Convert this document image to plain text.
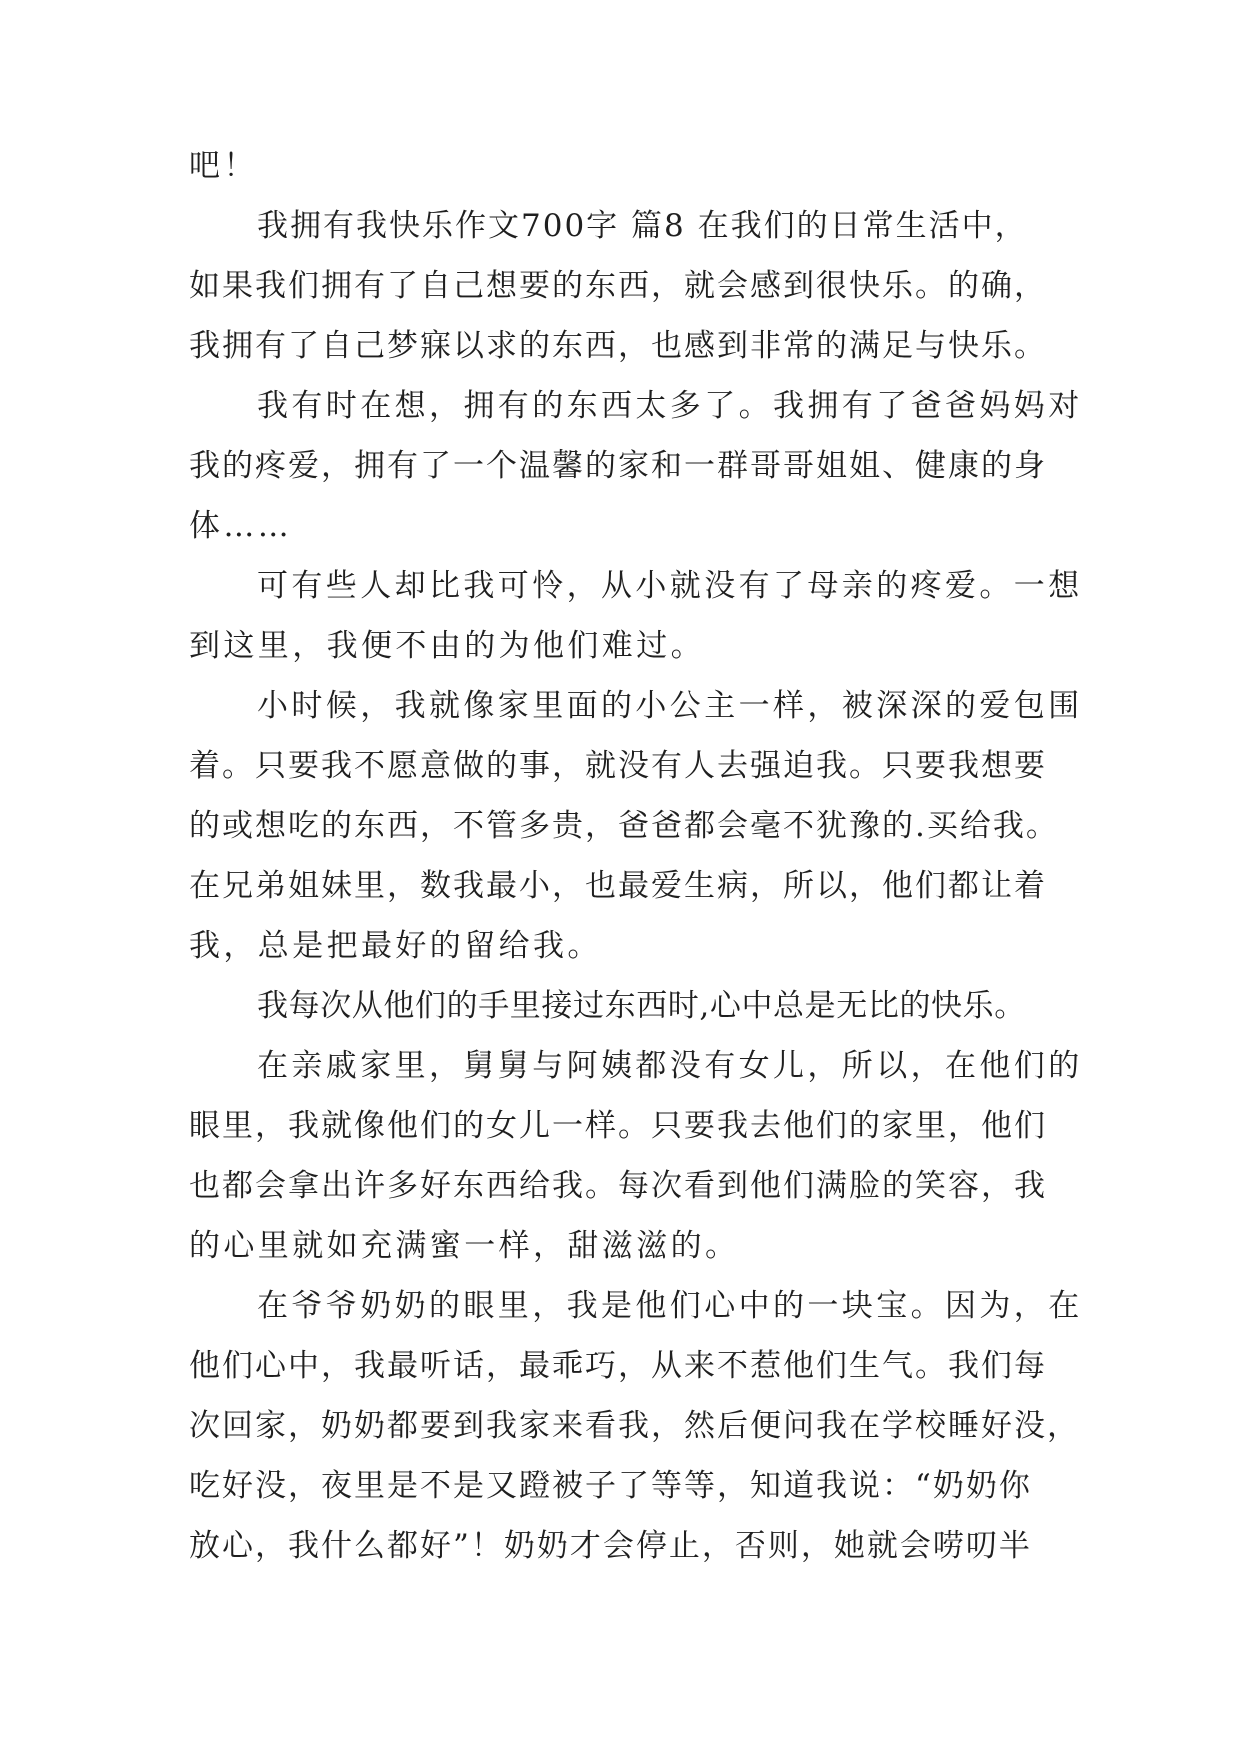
吧！
我拥有我快乐作文700字 篇8 在我们的日常生活中，
如果我们拥有了自己想要的东西，就会感到很快乐。的确，
我拥有了自己梦寐以求的东西，也感到非常的满足与快乐。
我有时在想，拥有的东西太多了。我拥有了爸爸妈妈对
我的疼爱，拥有了一个温馨的家和一群哥哥姐姐、健康的身
体……
可有些人却比我可怜，从小就没有了母亲的疼爱。一想
到这里，我便不由的为他们难过。
小时候，我就像家里面的小公主一样，被深深的爱包围
着。只要我不愿意做的事，就没有人去强迫我。只要我想要
的或想吃的东西，不管多贵，爸爸都会毫不犹豫的.买给我。
在兄弟姐妹里，数我最小，也最爱生病，所以，他们都让着
我，总是把最好的留给我。
我每次从他们的手里接过东西时,心中总是无比的快乐。
在亲戚家里，舅舅与阿姨都没有女儿，所以，在他们的
眼里，我就像他们的女儿一样。只要我去他们的家里，他们
也都会拿出许多好东西给我。每次看到他们满脸的笑容，我
的心里就如充满蜜一样，甜滋滋的。
在爷爷奶奶的眼里，我是他们心中的一块宝。因为，在
他们心中，我最听话，最乖巧，从来不惹他们生气。我们每
次回家，奶奶都要到我家来看我，然后便问我在学校睡好没，
吃好没，夜里是不是又蹬被子了等等，知道我说：“奶奶你
放心，我什么都好”！奶奶才会停止，否则，她就会唠叨半
